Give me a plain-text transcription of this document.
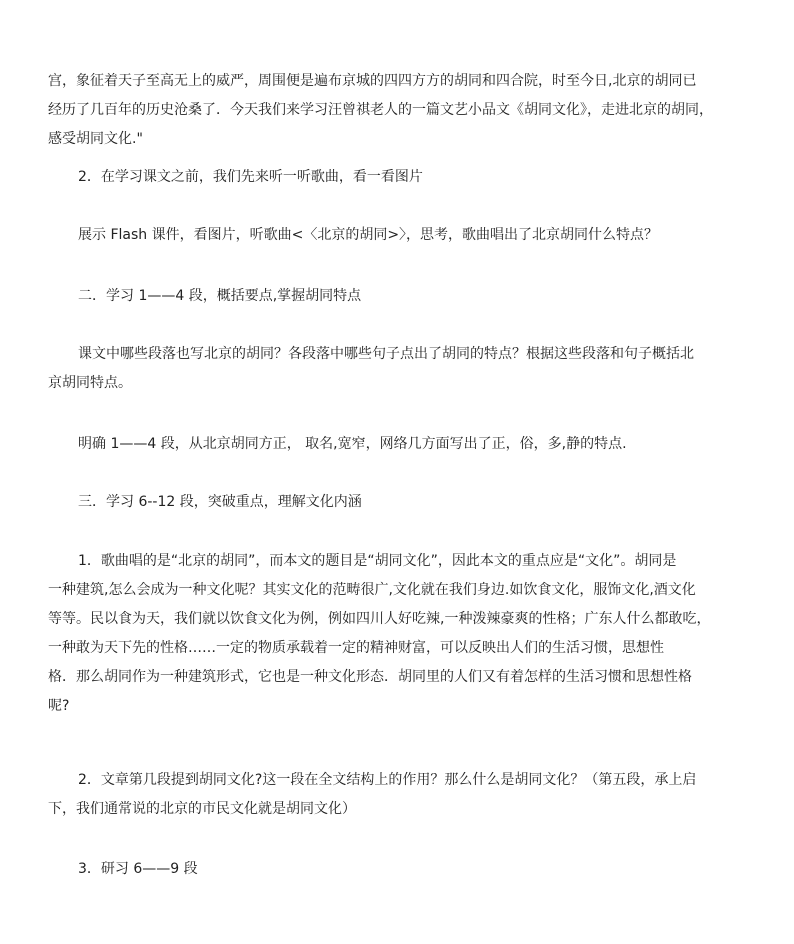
宫，象征着天子至高无上的威严，周围便是遍布京城的四四方方的胡同和四合院，时至今日,北京的胡同已
经历了几百年的历史沧桑了．今天我们来学习汪曾祺老人的一篇文艺小品文《胡同文化》，走进北京的胡同，
感受胡同文化."

2．在学习课文之前，我们先来听一听歌曲，看一看图片

展示 Flash 课件，看图片，听歌曲<〈北京的胡同>〉，思考，歌曲唱出了北京胡同什么特点？

二．学习 1——4 段，概括要点,掌握胡同特点

课文中哪些段落也写北京的胡同？各段落中哪些句子点出了胡同的特点？根据这些段落和句子概括北
京胡同特点。

明确 1——4 段，从北京胡同方正， 取名,宽窄，网络几方面写出了正，俗，多,静的特点.

三．学习 6--12 段，突破重点，理解文化内涵

1．歌曲唱的是“北京的胡同”，而本文的题目是“胡同文化”，因此本文的重点应是“文化”。胡同是
一种建筑,怎么会成为一种文化呢？其实文化的范畴很广,文化就在我们身边.如饮食文化，服饰文化,酒文化
等等。民以食为天，我们就以饮食文化为例，例如四川人好吃辣,一种泼辣豪爽的性格；广东人什么都敢吃，
一种敢为天下先的性格……一定的物质承载着一定的精神财富，可以反映出人们的生活习惯，思想性
格．那么胡同作为一种建筑形式，它也是一种文化形态．胡同里的人们又有着怎样的生活习惯和思想性格
呢?
2．文章第几段提到胡同文化?这一段在全文结构上的作用？那么什么是胡同文化？（第五段，承上启
下，我们通常说的北京的市民文化就是胡同文化）

3．研习 6——9 段
